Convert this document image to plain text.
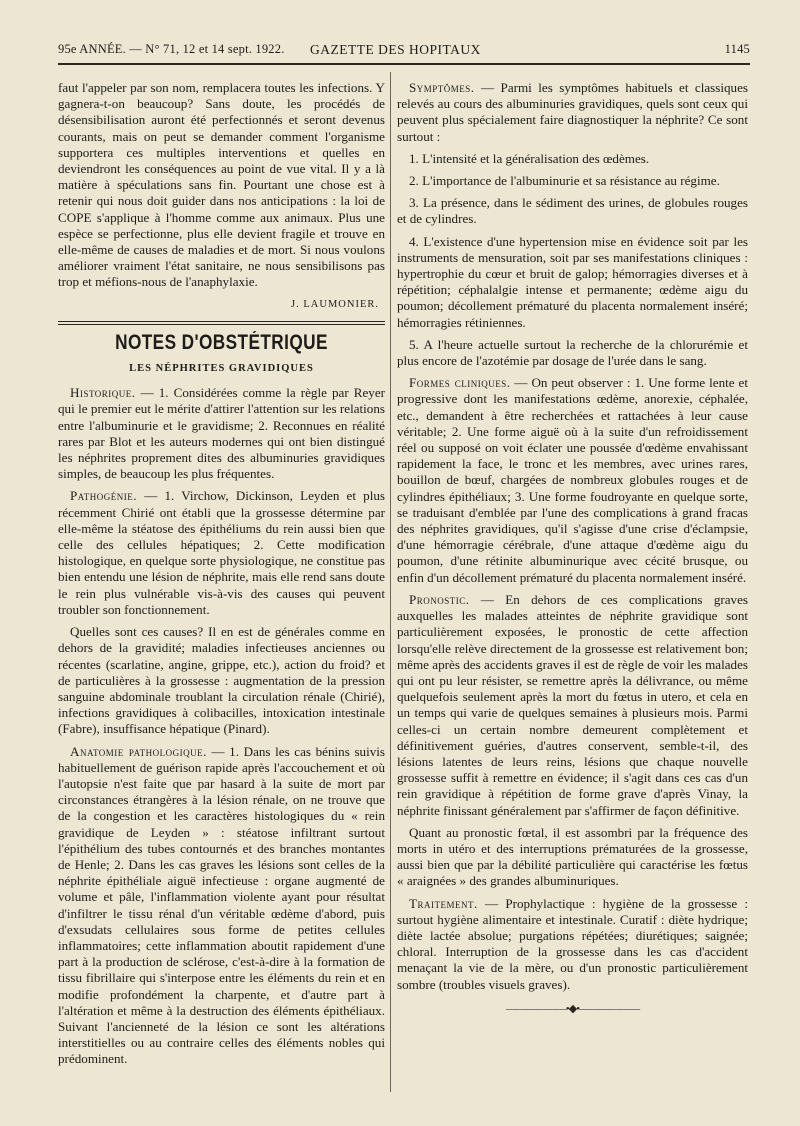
95e ANNÉE. — N° 71, 12 et 14 sept. 1922. GAZETTE DES HOPITAUX	1145

faut l'appeler par son nom, remplacera toutes les infections. Y gagnera-t-on beaucoup? Sans doute, les procédés de désensibilisation auront été perfectionnés et seront devenus courants, mais on peut se demander comment l'organisme supportera ces multiples interventions et quelles en deviendront les conséquences au point de vue vital. Il y a là matière à spéculations sans fin. Pourtant une chose est à retenir qui nous doit guider dans nos anticipations : la loi de COPE s'applique à l'homme comme aux animaux. Plus une espèce se perfectionne, plus elle devient fragile et trouve en elle-même de causes de maladies et de mort. Si nous voulons améliorer vraiment l'état sanitaire, ne nous sensibilisons pas trop et méfions-nous de l'anaphylaxie.

J. LAUMONIER.

NOTES D'OBSTÉTRIQUE

LES NÉPHRITES GRAVIDIQUES

Historique. — 1. Considérées comme la règle par Reyer qui le premier eut le mérite d'attirer l'attention sur les relations entre l'albuminurie et le gravidisme; 2. Reconnues en réalité rares par Blot et les auteurs modernes qui ont bien distingué les néphrites proprement dites des albuminuries gravidiques simples, de beaucoup les plus fréquentes.

Pathogénie. — 1. Virchow, Dickinson, Leyden et plus récemment Chirié ont établi que la grossesse détermine par elle-même la stéatose des épithéliums du rein aussi bien que celle des cellules hépatiques; 2. Cette modification histologique, en quelque sorte physiologique, ne constitue pas bien entendu une lésion de néphrite, mais elle rend sans doute le rein plus vulnérable vis-à-vis des causes qui peuvent troubler son fonctionnement.

Quelles sont ces causes? Il en est de générales comme en dehors de la gravidité; maladies infectieuses anciennes ou récentes (scarlatine, angine, grippe, etc.), action du froid? et de particulières à la grossesse : augmentation de la pression sanguine abdominale troublant la circulation rénale (Chirié), infections gravidiques à colibacilles, intoxication intestinale (Fabre), insuffisance hépatique (Pinard).

Anatomie pathologique. — 1. Dans les cas bénins suivis habituellement de guérison rapide après l'accouchement et où l'autopsie n'est faite que par hasard à la suite de mort par circonstances étrangères à la lésion rénale, on ne trouve que de la congestion et les caractères histologiques du « rein gravidique de Leyden » : stéatose infiltrant surtout l'épithélium des tubes contournés et des branches montantes de Henle; 2. Dans les cas graves les lésions sont celles de la néphrite épithéliale aiguë infectieuse : organe augmenté de volume et pâle, l'inflammation violente ayant pour résultat d'infiltrer le tissu rénal d'un véritable œdème d'abord, puis d'exsudats cellulaires sous forme de petites cellules inflammatoires; cette inflammation aboutit rapidement d'une part à la production de sclérose, c'est-à-dire à la formation de tissu fibrillaire qui s'interpose entre les éléments du rein et en modifie profondément la charpente, et d'autre part à l'altération et même à la destruction des éléments épithéliaux. Suivant l'ancienneté de la lésion ce sont les altérations interstitielles ou au contraire celles des éléments nobles qui prédominent.

Symptômes. — Parmi les symptômes habituels et classiques relevés au cours des albuminuries gravidiques, quels sont ceux qui peuvent plus spécialement faire diagnostiquer la néphrite? Ce sont surtout :

1. L'intensité et la généralisation des œdèmes.

2. L'importance de l'albuminurie et sa résistance au régime.

3. La présence, dans le sédiment des urines, de globules rouges et de cylindres.

4. L'existence d'une hypertension mise en évidence soit par les instruments de mensuration, soit par ses manifestations cliniques : hypertrophie du cœur et bruit de galop; hémorragies diverses et à répétition; céphalalgie intense et permanente; œdème aigu du poumon; décollement prématuré du placenta normalement inséré; hémorragies rétiniennes.

5. A l'heure actuelle surtout la recherche de la chlorurémie et plus encore de l'azotémie par dosage de l'urée dans le sang.

Formes cliniques. — On peut observer : 1. Une forme lente et progressive dont les manifestations œdème, anorexie, céphalée, etc., demandent à être recherchées et rattachées à leur cause véritable; 2. Une forme aiguë où à la suite d'un refroidissement réel ou supposé on voit éclater une poussée d'œdème envahissant rapidement la face, le tronc et les membres, avec urines rares, bouillon de bœuf, chargées de nombreux globules rouges et de cylindres épithéliaux; 3. Une forme foudroyante en quelque sorte, se traduisant d'emblée par l'une des complications à grand fracas des néphrites gravidiques, qu'il s'agisse d'une crise d'éclampsie, d'une hémorragie cérébrale, d'une attaque d'œdème aigu du poumon, d'une rétinite albuminurique avec cécité brusque, ou enfin d'un décollement prématuré du placenta normalement inséré.

Pronostic. — En dehors de ces complications graves auxquelles les malades atteintes de néphrite gravidique sont particulièrement exposées, le pronostic de cette affection lorsqu'elle relève directement de la grossesse est relativement bon; même après des accidents graves il est de règle de voir les malades qui ont pu leur résister, se remettre après la délivrance, ou même quelquefois seulement après la mort du fœtus in utero, et cela en un temps qui varie de quelques semaines à plusieurs mois. Parmi celles-ci un certain nombre demeurent complètement et définitivement guéries, d'autres conservent, semble-t-il, des lésions latentes de leurs reins, lésions que chaque nouvelle grossesse suffit à remettre en évidence; il s'agit dans ces cas d'un rein gravidique à répétition de forme grave d'après Vinay, la néphrite finissant généralement par s'affirmer de façon définitive.

Quant au pronostic fœtal, il est assombri par la fréquence des morts in utéro et des interruptions prématurées de la grossesse, aussi bien que par la débilité particulière qui caractérise les fœtus « araignées » des grandes albuminuriques.

Traitement. — Prophylactique : hygiène de la grossesse : surtout hygiène alimentaire et intestinale. Curatif : diète hydrique; diète lactée absolue; purgations répétées; diurétiques; saignée; chloral. Interruption de la grossesse dans les cas d'accident menaçant la vie de la mère, ou d'un pronostic particulièrement sombre (troubles visuels graves).

——————•◆•——————
